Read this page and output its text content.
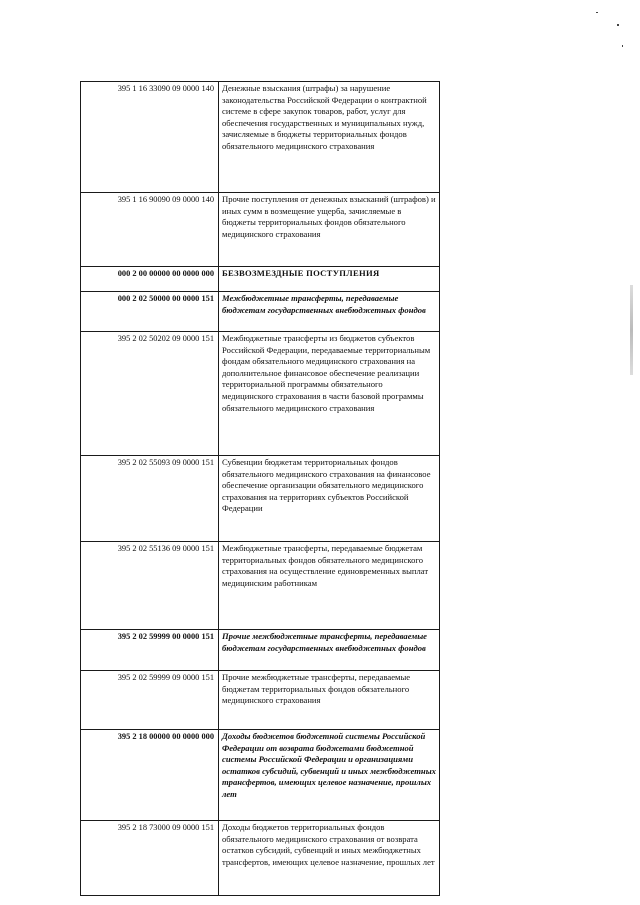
395 1 16 33090 09 0000 140	Денежные взыскания (штрафы) за нарушение законодательства Российской Федерации о контрактной системе в сфере закупок товаров, работ, услуг для обеспечения государственных и муниципальных нужд, зачисляемые в бюджеты территориальных фондов обязательного медицинского страхования	
395 1 16 90090 09 0000 140	Прочие поступления от денежных взысканий (штрафов) и иных сумм в возмещение ущерба, зачисляемые в бюджеты территориальных фондов обязательного медицинского страхования	
000 2 00 00000 00 0000 000	БЕЗВОЗМЕЗДНЫЕ ПОСТУПЛЕНИЯ	
000 2 02 50000 00 0000 151	Межбюджетные трансферты, передаваемые бюджетам государственных внебюджетных фондов	
395 2 02 50202 09 0000 151	Межбюджетные трансферты из бюджетов субъектов Российской Федерации, передаваемые территориальным фондам обязательного медицинского страхования на дополнительное финансовое обеспечение реализации территориальной программы обязательного медицинского страхования в части базовой программы обязательного медицинского страхования	
395 2 02 55093 09 0000 151	Субвенции бюджетам территориальных фондов обязательного медицинского страхования на финансовое обеспечение организации обязательного медицинского страхования на территориях субъектов Российской Федерации	
395 2 02 55136 09 0000 151	Межбюджетные трансферты, передаваемые бюджетам территориальных фондов обязательного медицинского страхования на осуществление единовременных выплат медицинским работникам	
395 2 02 59999 00 0000 151	Прочие межбюджетные трансферты, передаваемые бюджетам государственных внебюджетных фондов	
395 2 02 59999 09 0000 151	Прочие межбюджетные трансферты, передаваемые бюджетам территориальных фондов обязательного медицинского страхования	
395 2 18 00000 00 0000 000	Доходы бюджетов бюджетной системы Российской Федерации от возврата бюджетами бюджетной системы Российской Федерации и организациями остатков субсидий, субвенций и иных межбюджетных трансфертов, имеющих целевое назначение, прошлых лет	
395 2 18 73000 09 0000 151	Доходы бюджетов территориальных фондов обязательного медицинского страхования от возврата остатков субсидий, субвенций и иных межбюджетных трансфертов, имеющих целевое назначение, прошлых лет	
